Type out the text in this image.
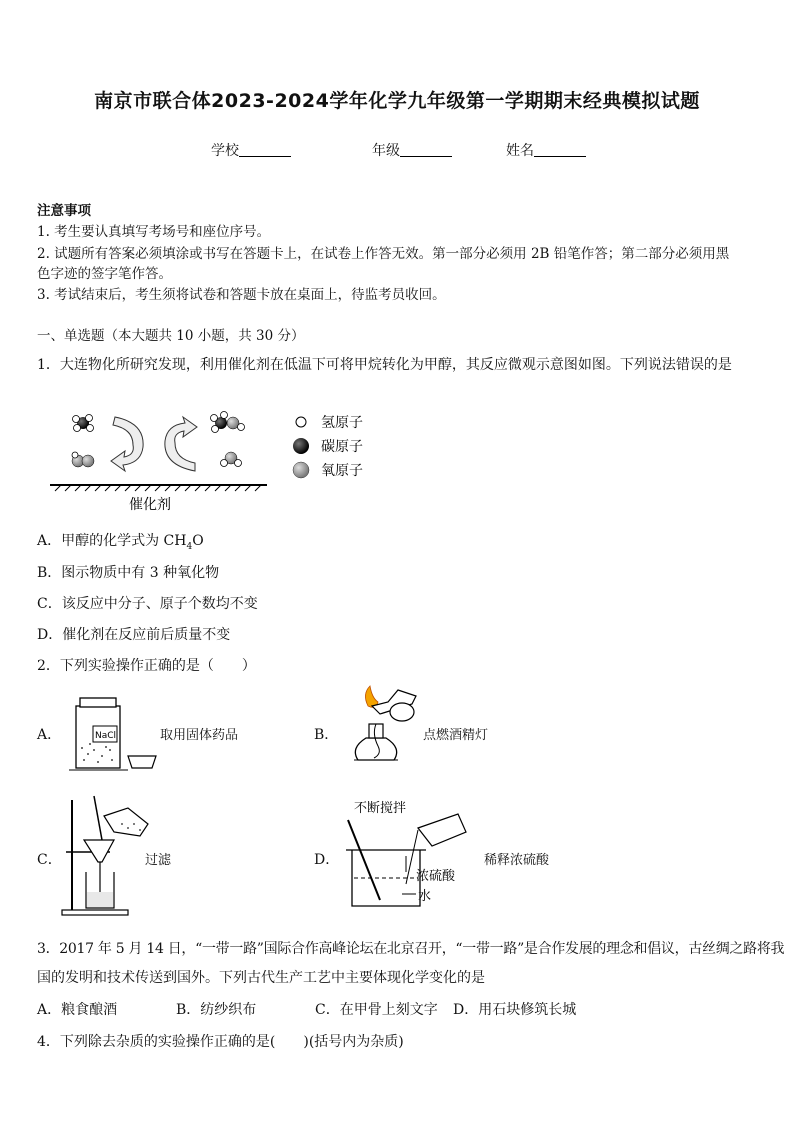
南京市联合体2023-2024学年化学九年级第一学期期末经典模拟试题
学校	年级	姓名
注意事项
1. 考生要认真填写考场号和座位序号。
2. 试题所有答案必须填涂或书写在答题卡上，在试卷上作答无效。第一部分必须用 2B 铅笔作答；第二部分必须用黑
色字迹的签字笔作答。
3. 考试结束后，考生须将试卷和答题卡放在桌面上，待监考员收回。
一、单选题（本大题共 10 小题，共 30 分）
1．大连物化所研究发现，利用催化剂在低温下可将甲烷转化为甲醇，其反应微观示意图如图。下列说法错误的是
催化剂
氢原子
碳原子
氧原子
A．甲醇的化学式为 $CH_4O$
B．图示物质中有 3 种氧化物
C．该反应中分子、原子个数均不变
D．催化剂在反应前后质量不变
2．下列实验操作正确的是（　　）
A．	NaCl	取用固体药品	B．	点燃酒精灯
C．	过滤	D．
不断搅拌
浓硫酸
水
稀释浓硫酸
3．2017 年 5 月 14 日，“一带一路”国际合作高峰论坛在北京召开，“一带一路”是合作发展的理念和倡议，古丝绸之路将我
国的发明和技术传送到国外。下列古代生产工艺中主要体现化学变化的是
A．粮食酿酒	B．纺纱织布	C．在甲骨上刻文字 D．用石块修筑长城
4．下列除去杂质的实验操作正确的是(　　)(括号内为杂质)
